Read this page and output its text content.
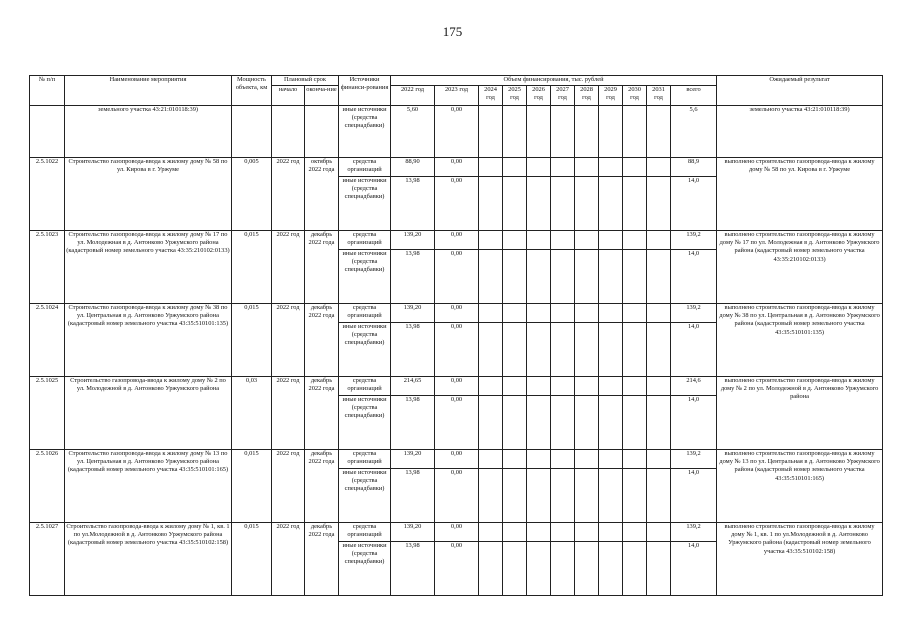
175
№ п/п	Наименование мероприятия	Мощность объекта, км	Плановый срок		Источники финанси-рования	Объем финансирования, тыс. рублей											Ожидаемый результат
			начало	оконча-ние		2022 год	2023 год	2024 год	2025 год	2026 год	2027 год	2028 год	2029 год	2030 год	2031 год	всего	
	земельного участка 43:21:010118:39)				иные источники (средства спецнадбавки)	5,60	0,00									5,6	земельного участка 43:21:010118:39)
2.5.1022	Строительство газопровода-ввода к жилому дому № 58 по ул. Кирова в г. Уржуме	0,005	2022 год	октябрь 2022 года	средства организаций	88,90	0,00									88,9	выполнено строительство газопровода-ввода к жилому дому № 58 по ул. Кирова в г. Уржуме
					иные источники (средства спецнадбавки)	13,98	0,00									14,0	
2.5.1023	Строительство газопровода-ввода к жилому дому № 17 по ул. Молодежная в д. Антонково Уржумского района (кадастровый номер земельного участка 43:35:210102:0133)	0,015	2022 год	декабрь 2022 года	средства организаций	139,20	0,00									139,2	выполнено строительство газопровода-ввода к жилому дому № 17 по ул. Молодежная в д. Антонково Уржумского района (кадастровый номер земельного участка 43:35:210102:0133)
					иные источники (средства спецнадбавки)	13,98	0,00									14,0	
2.5.1024	Строительство газопровода-ввода к жилому дому № 38 по ул. Центральная в д. Антонково Уржумского района (кадастровый номер земельного участка 43:35:510101:135)	0,015	2022 год	декабрь 2022 года	средства организаций	139,20	0,00									139,2	выполнено строительство газопровода-ввода к жилому дому № 38 по ул. Центральная в д. Антонково Уржумского района (кадастровый номер земельного участка 43:35:510101:135)
					иные источники (средства спецнадбавки)	13,98	0,00									14,0	
2.5.1025	Строительство газопровода-ввода к жилому дому № 2 по ул. Молодежной в д. Антонково Уржумского района	0,03	2022 год	декабрь 2022 года	средства организаций	214,65	0,00									214,6	выполнено строительство газопровода-ввода к жилому дому № 2 по ул. Молодежной в д. Антонково Уржумского района
					иные источники (средства спецнадбавки)	13,98	0,00									14,0	
2.5.1026	Строительство газопровода-ввода к жилому дому № 13 по ул. Центральная в д. Антонково Уржумского района (кадастровый номер земельного участка 43:35:510101:165)	0,015	2022 год	декабрь 2022 года	средства организаций	139,20	0,00									139,2	выполнено строительство газопровода-ввода к жилому дому № 13 по ул. Центральная в д. Антонково Уржумского района (кадастровый номер земельного участка 43:35:510101:165)
					иные источники (средства спецнадбавки)	13,98	0,00									14,0	
2.5.1027	Строительство газопровода-ввода к жилому дому № 1, кв. 1 по ул.Молодежной в д. Антонково Уржумского района (кадастровый номер земельного участка 43:35:510102:158)	0,015	2022 год	декабрь 2022 года	средства организаций	139,20	0,00									139,2	выполнено строительство газопровода-ввода к жилому дому № 1, кв. 1 по ул.Молодежной в д. Антонково Уржумского района (кадастровый номер земельного участка 43:35:510102:158)
					иные источники (средства спецнадбавки)	13,98	0,00									14,0	
